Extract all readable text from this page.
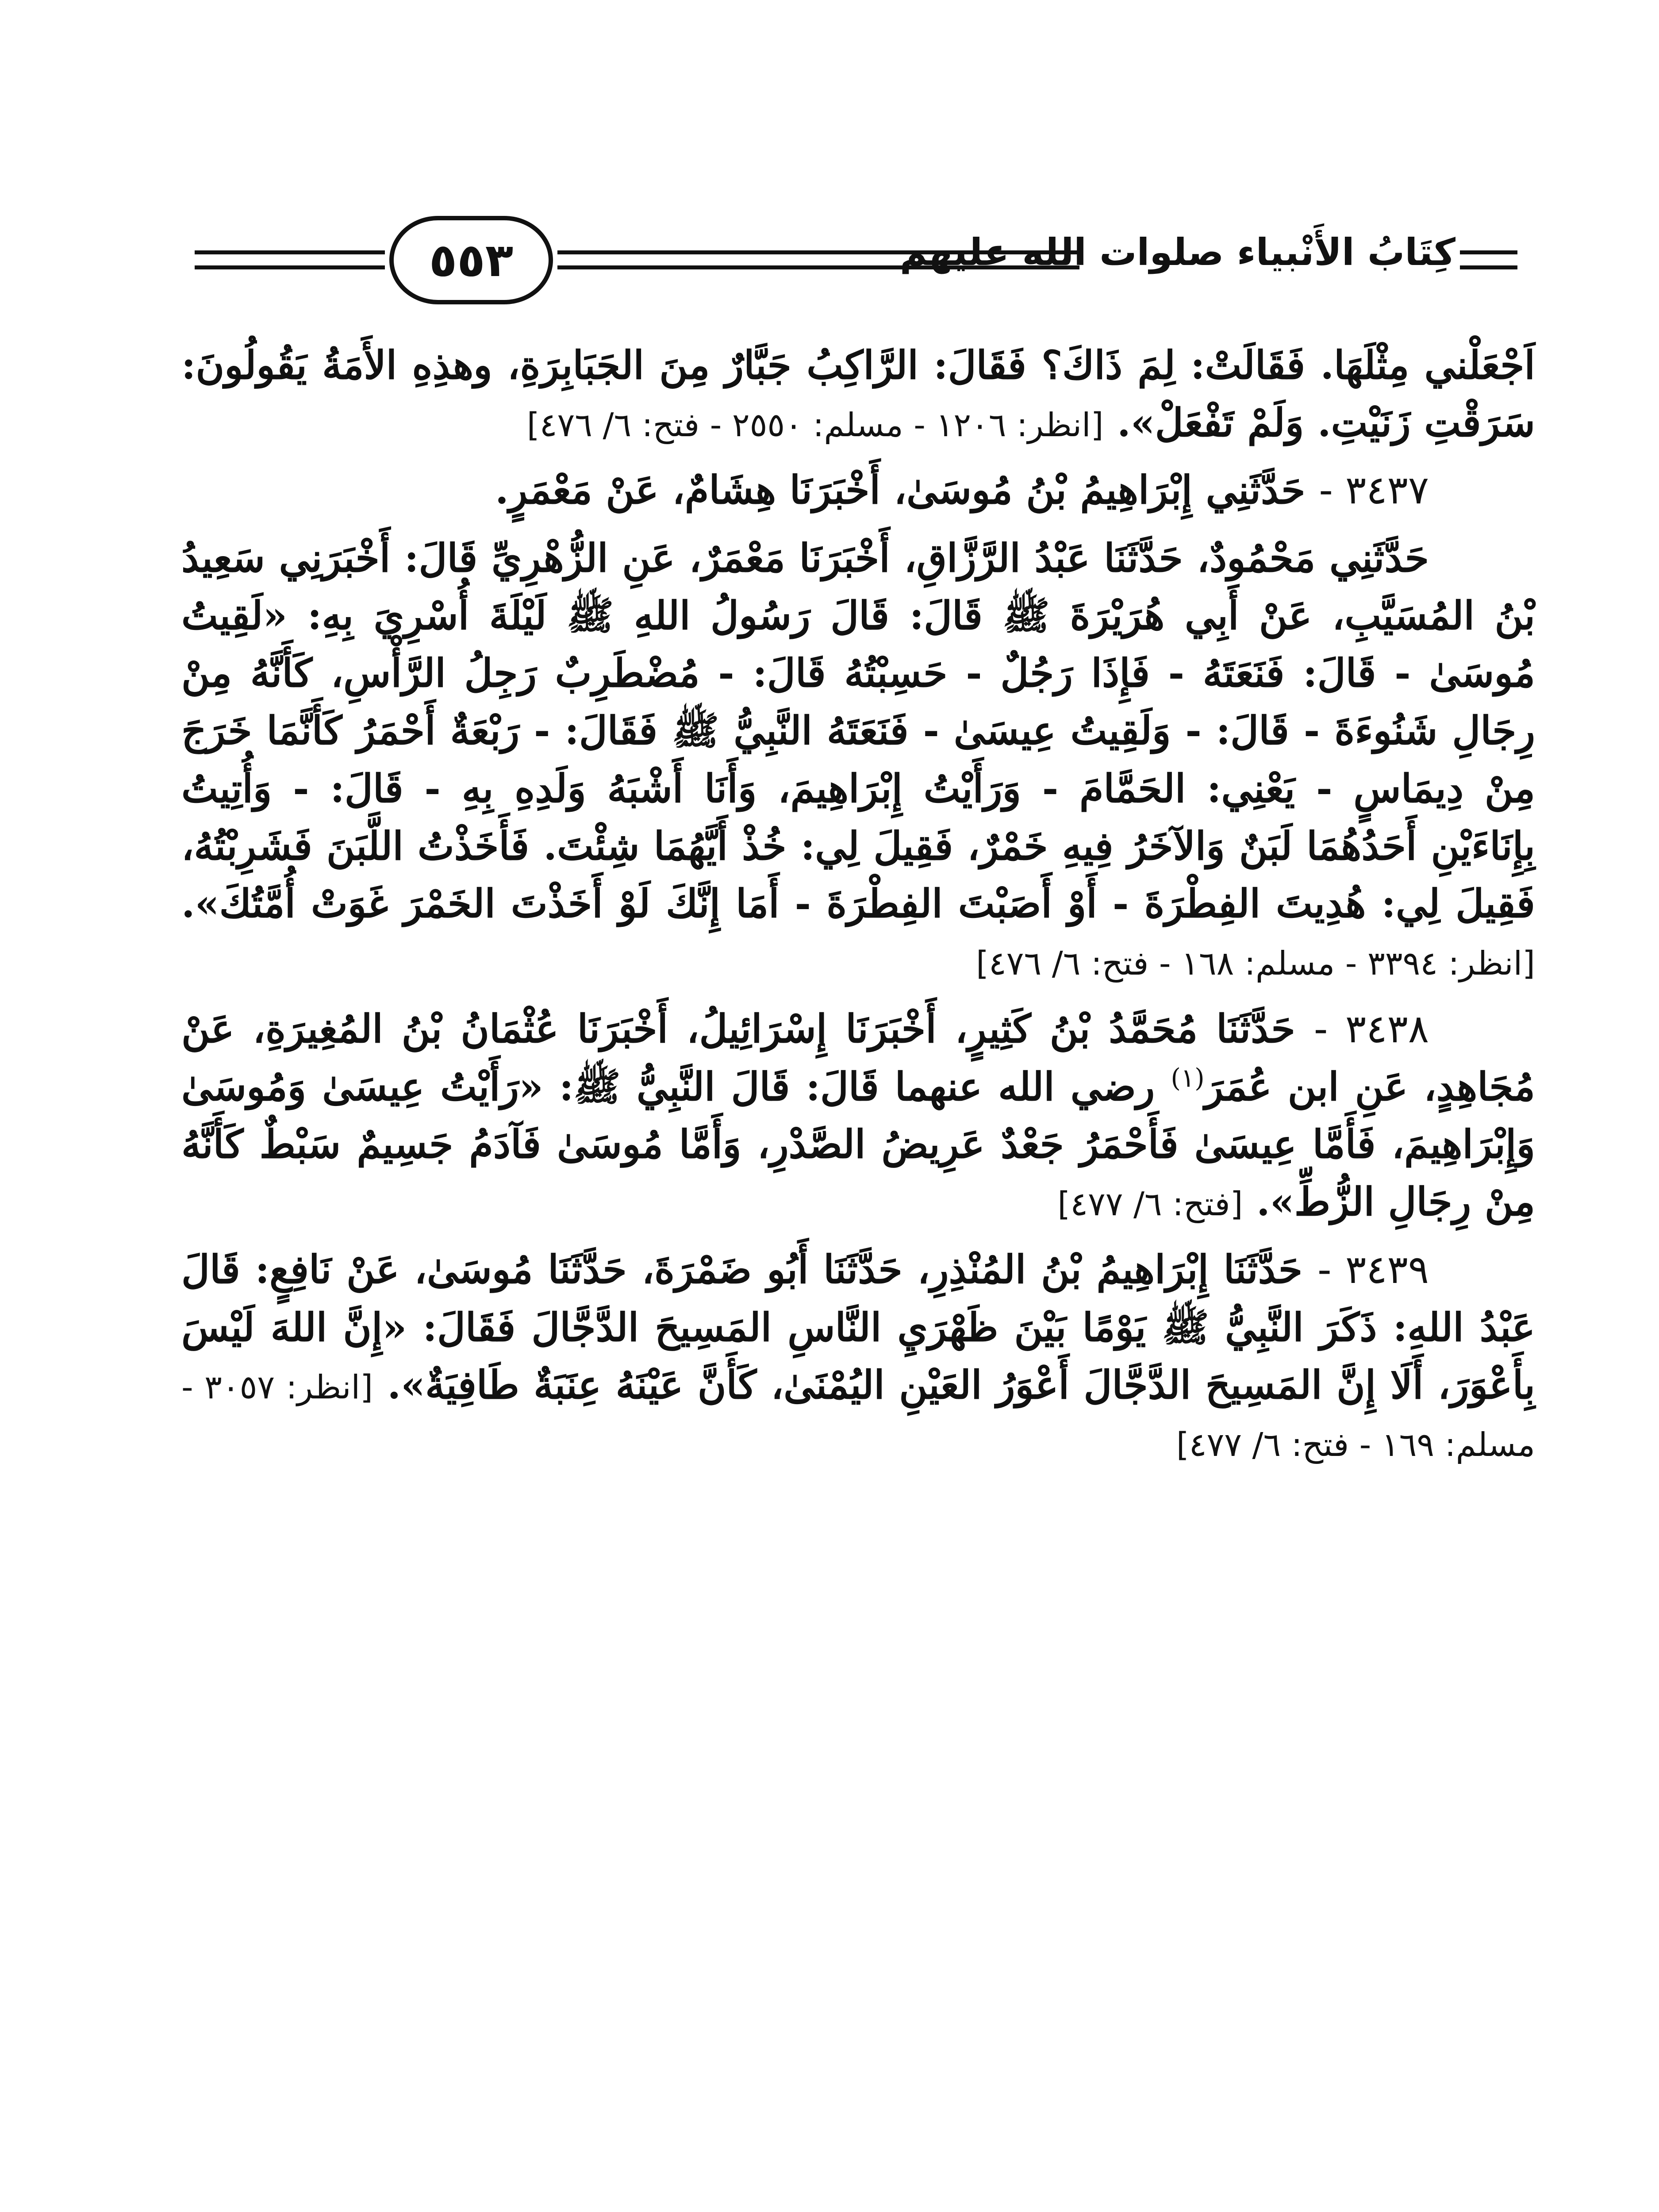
٥٥٣	كِتَابُ الأَنْبياء صلوات الله عليهم

اَجْعَلْني مِثْلَهَا. فَقَالَتْ: لِمَ ذَاكَ؟ فَقَالَ: الرَّاكِبُ جَبَّارٌ مِنَ الجَبَابِرَةِ، وهذِهِ الأَمَةُ يَقُولُونَ: سَرَقْتِ زَنَيْتِ. وَلَمْ تَفْعَلْ». [انظر: ١٢٠٦ - مسلم: ٢٥٥٠ - فتح: ٦/ ٤٧٦]

٣٤٣٧ - حَدَّثَنِي إِبْرَاهِيمُ بْنُ مُوسَىٰ، أَخْبَرَنَا هِشَامٌ، عَنْ مَعْمَرٍ.

حَدَّثَنِي مَحْمُودٌ، حَدَّثَنَا عَبْدُ الرَّزَّاقِ، أَخْبَرَنَا مَعْمَرٌ، عَنِ الزُّهْرِيِّ قَالَ: أَخْبَرَنِي سَعِيدُ بْنُ المُسَيَّبِ، عَنْ أَبِي هُرَيْرَةَ ﷺ قَالَ: قَالَ رَسُولُ اللهِ ﷺ لَيْلَةَ أُسْرِيَ بِهِ: «لَقِيتُ مُوسَىٰ - قَالَ: فَنَعَتَهُ - فَإِذَا رَجُلٌ - حَسِبْتُهُ قَالَ: - مُضْطَرِبٌ رَجِلُ الرَّأْسِ، كَأَنَّهُ مِنْ رِجَالِ شَنُوءَةَ - قَالَ: - وَلَقِيتُ عِيسَىٰ - فَنَعَتَهُ النَّبِيُّ ﷺ فَقَالَ: - رَبْعَةٌ أَحْمَرُ كَأَنَّمَا خَرَجَ مِنْ دِيمَاسٍ - يَعْنِي: الحَمَّامَ - وَرَأَيْتُ إِبْرَاهِيمَ، وَأَنَا أَشْبَهُ وَلَدِهِ بِهِ - قَالَ: - وَأُتِيتُ بِإِنَاءَيْنِ أَحَدُهُمَا لَبَنٌ وَالآخَرُ فِيهِ خَمْرٌ، فَقِيلَ لِي: خُذْ أَيَّهُمَا شِئْتَ. فَأَخَذْتُ اللَّبَنَ فَشَرِبْتُهُ، فَقِيلَ لِي: هُدِيتَ الفِطْرَةَ - أَوْ أَصَبْتَ الفِطْرَةَ - أَمَا إِنَّكَ لَوْ أَخَذْتَ الخَمْرَ غَوَتْ أُمَّتُكَ». [انظر: ٣٣٩٤ - مسلم: ١٦٨ - فتح: ٦/ ٤٧٦]

٣٤٣٨ - حَدَّثَنَا مُحَمَّدُ بْنُ كَثِيرٍ، أَخْبَرَنَا إِسْرَائِيلُ، أَخْبَرَنَا عُثْمَانُ بْنُ المُغِيرَةِ، عَنْ مُجَاهِدٍ، عَنِ ابن عُمَرَ$^{(١)}$ رضي الله عنهما قَالَ: قَالَ النَّبِيُّ ﷺ: «رَأَيْتُ عِيسَىٰ وَمُوسَىٰ وَإِبْرَاهِيمَ، فَأَمَّا عِيسَىٰ فَأَحْمَرُ جَعْدٌ عَرِيضُ الصَّدْرِ، وَأَمَّا مُوسَىٰ فَآدَمُ جَسِيمٌ سَبْطٌ كَأَنَّهُ مِنْ رِجَالِ الزُّطِّ». [فتح: ٦/ ٤٧٧]

٣٤٣٩ - حَدَّثَنَا إِبْرَاهِيمُ بْنُ المُنْذِرِ، حَدَّثَنَا أَبُو ضَمْرَةَ، حَدَّثَنَا مُوسَىٰ، عَنْ نَافِعٍ: قَالَ عَبْدُ اللهِ: ذَكَرَ النَّبِيُّ ﷺ يَوْمًا بَيْنَ ظَهْرَيِ النَّاسِ المَسِيحَ الدَّجَّالَ فَقَالَ: «إِنَّ اللهَ لَيْسَ بِأَعْوَرَ، أَلَا إِنَّ المَسِيحَ الدَّجَّالَ أَعْوَرُ العَيْنِ اليُمْنَىٰ، كَأَنَّ عَيْنَهُ عِنَبَةٌ طَافِيَةٌ». [انظر: ٣٠٥٧ - مسلم: ١٦٩ - فتح: ٦/ ٤٧٧]
